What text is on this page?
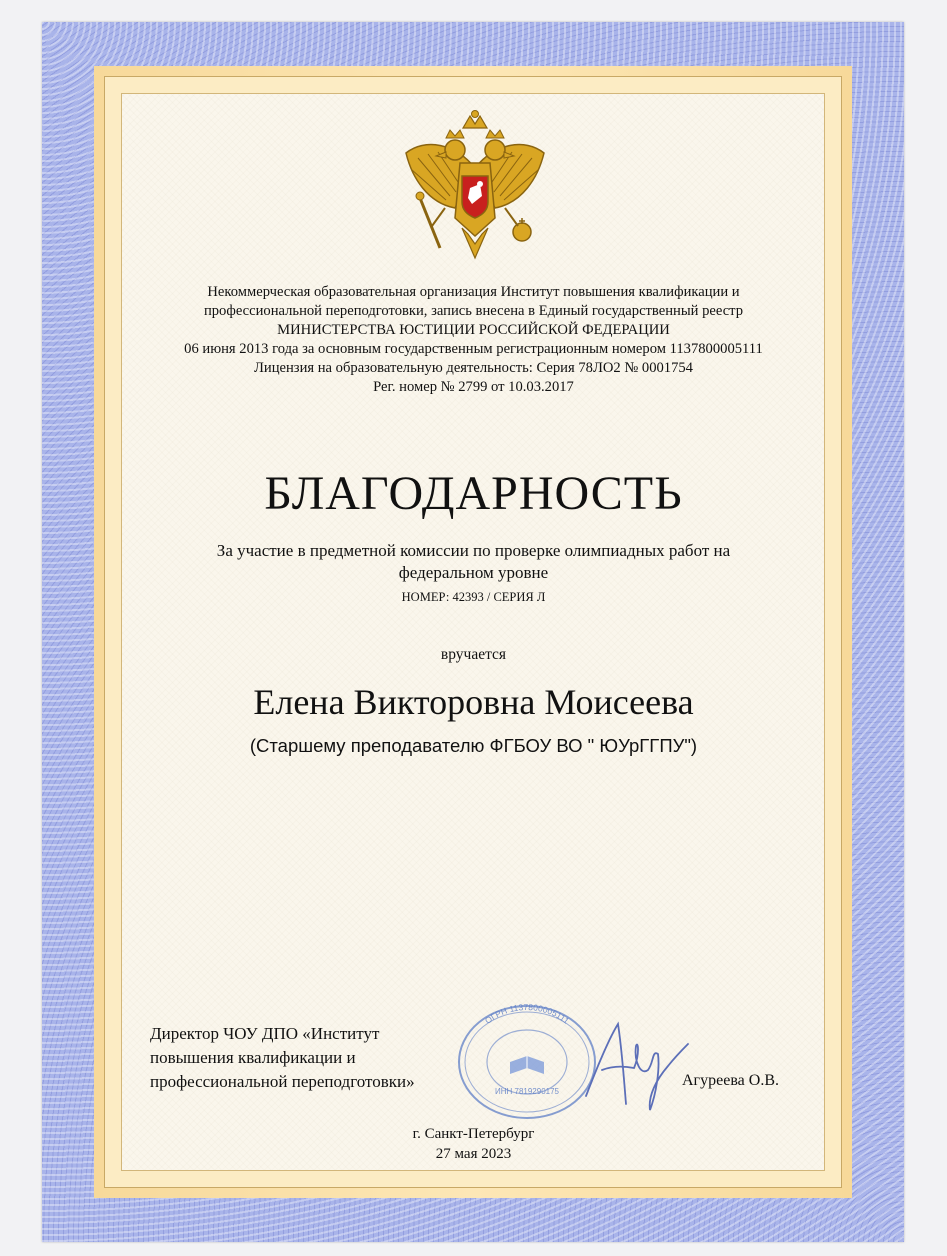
Некоммерческая образовательная организация Институт повышения квалификации и
профессиональной переподготовки, запись внесена в Единый государственный реестр
МИНИСТЕРСТВА ЮСТИЦИИ РОССИЙСКОЙ ФЕДЕРАЦИИ
06 июня 2013 года за основным государственным регистрационным номером 1137800005111
Лицензия на образовательную деятельность: Серия 78ЛО2 № 0001754
Рег. номер № 2799 от 10.03.2017
БЛАГОДАРНОСТЬ
За участие в предметной комиссии по проверке олимпиадных работ на
федеральном уровне
НОМЕР: 42393 / СЕРИЯ Л
вручается
Елена Викторовна Моисеева
(Старшему преподавателю ФГБОУ ВО " ЮУрГГПУ")
Директор ЧОУ ДПО «Институт
повышения квалификации и
профессиональной переподготовки»
ОГРН 1137800005111
ИНН 7819290175
Агуреева О.В.
г. Санкт-Петербург
27 мая 2023
